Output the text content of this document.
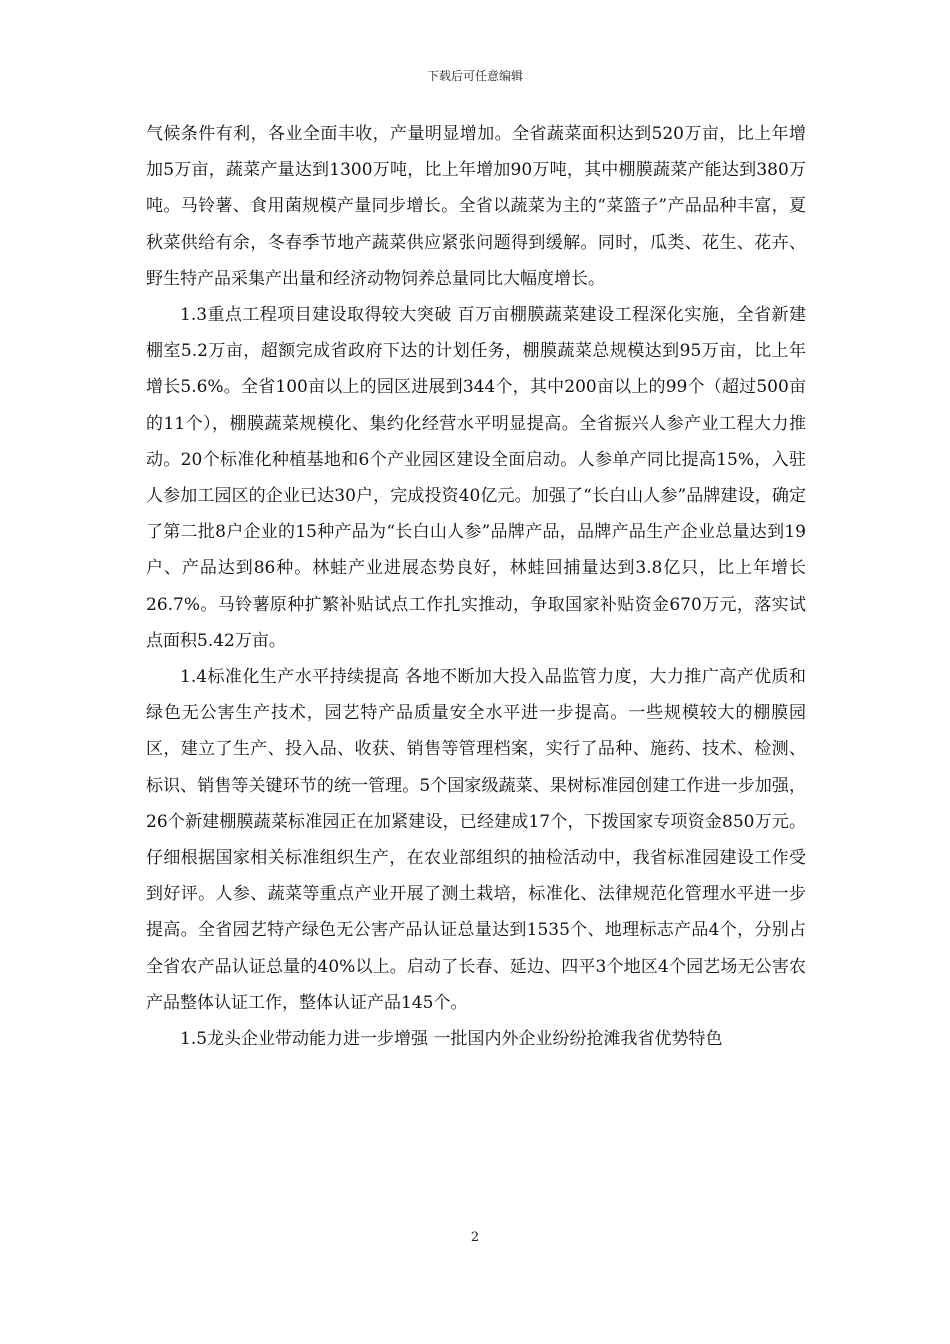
下载后可任意编辑

气候条件有利，各业全面丰收，产量明显增加。全省蔬菜面积达到520万亩，比上年增加5万亩，蔬菜产量达到1300万吨，比上年增加90万吨，其中棚膜蔬菜产能达到380万吨。马铃薯、食用菌规模产量同步增长。全省以蔬菜为主的“菜篮子”产品品种丰富，夏秋菜供给有余，冬春季节地产蔬菜供应紧张问题得到缓解。同时，瓜类、花生、花卉、野生特产品采集产出量和经济动物饲养总量同比大幅度增长。

1.3重点工程项目建设取得较大突破 百万亩棚膜蔬菜建设工程深化实施，全省新建棚室5.2万亩，超额完成省政府下达的计划任务，棚膜蔬菜总规模达到95万亩，比上年增长5.6%。全省100亩以上的园区进展到344个，其中200亩以上的99个（超过500亩的11个），棚膜蔬菜规模化、集约化经营水平明显提高。全省振兴人参产业工程大力推动。20个标准化种植基地和6个产业园区建设全面启动。人参单产同比提高15%，入驻人参加工园区的企业已达30户，完成投资40亿元。加强了“长白山人参”品牌建设，确定了第二批8户企业的15种产品为“长白山人参”品牌产品，品牌产品生产企业总量达到19户、产品达到86种。林蛙产业进展态势良好，林蛙回捕量达到3.8亿只，比上年增长26.7%。马铃薯原种扩繁补贴试点工作扎实推动，争取国家补贴资金670万元，落实试点面积5.42万亩。

1.4标准化生产水平持续提高 各地不断加大投入品监管力度，大力推广高产优质和绿色无公害生产技术，园艺特产品质量安全水平进一步提高。一些规模较大的棚膜园区，建立了生产、投入品、收获、销售等管理档案，实行了品种、施药、技术、检测、标识、销售等关键环节的统一管理。5个国家级蔬菜、果树标准园创建工作进一步加强，26个新建棚膜蔬菜标准园正在加紧建设，已经建成17个，下拨国家专项资金850万元。仔细根据国家相关标准组织生产，在农业部组织的抽检活动中，我省标准园建设工作受到好评。人参、蔬菜等重点产业开展了测土栽培，标准化、法律规范化管理水平进一步提高。全省园艺特产绿色无公害产品认证总量达到1535个、地理标志产品4个，分别占全省农产品认证总量的40%以上。启动了长春、延边、四平3个地区4个园艺场无公害农产品整体认证工作，整体认证产品145个。

1.5龙头企业带动能力进一步增强 一批国内外企业纷纷抢滩我省优势特色

2
